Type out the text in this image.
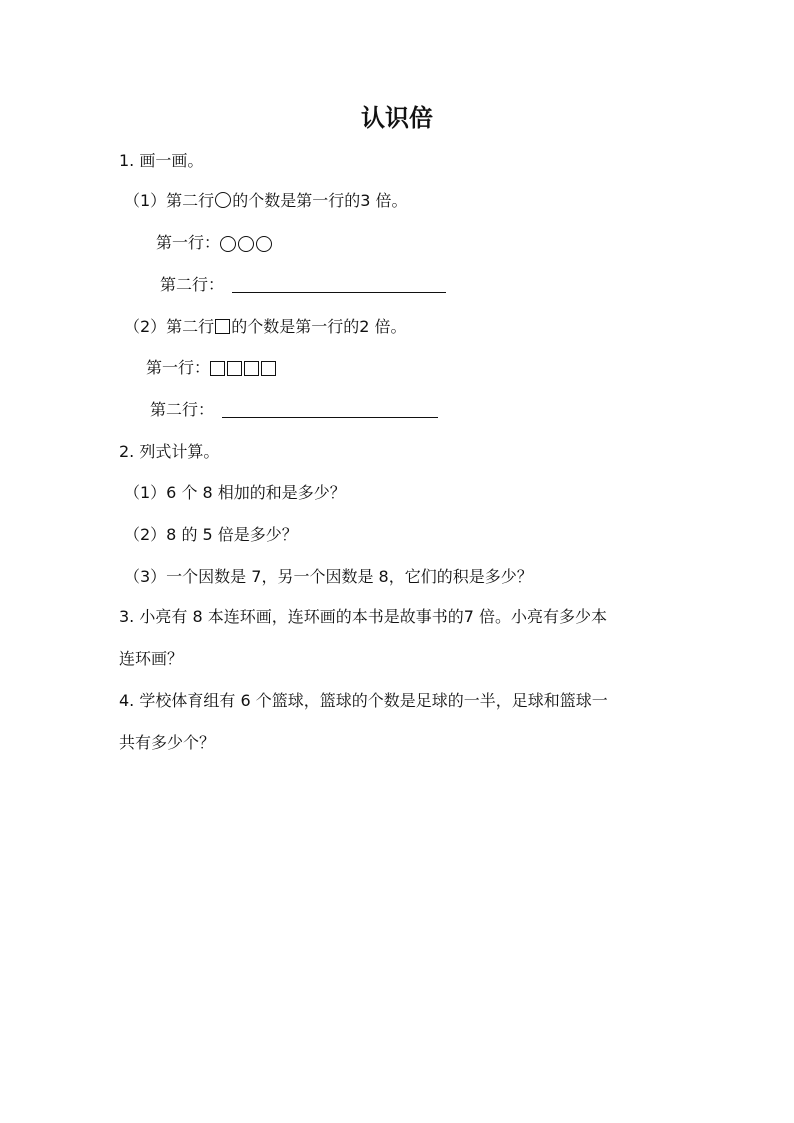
认识倍
1. 画一画。
（1）第二行 的个数是第一行的3 倍。
第一行：
第二行：
（2）第二行 的个数是第一行的2 倍。
第一行：
第二行：
2. 列式计算。
（1）6 个 8 相加的和是多少？
（2）8 的 5 倍是多少？
（3）一个因数是 7，另一个因数是 8，它们的积是多少？
3. 小亮有 8 本连环画，连环画的本书是故事书的7 倍。小亮有多少本
连环画？
4. 学校体育组有 6 个篮球，篮球的个数是足球的一半，足球和篮球一
共有多少个？
